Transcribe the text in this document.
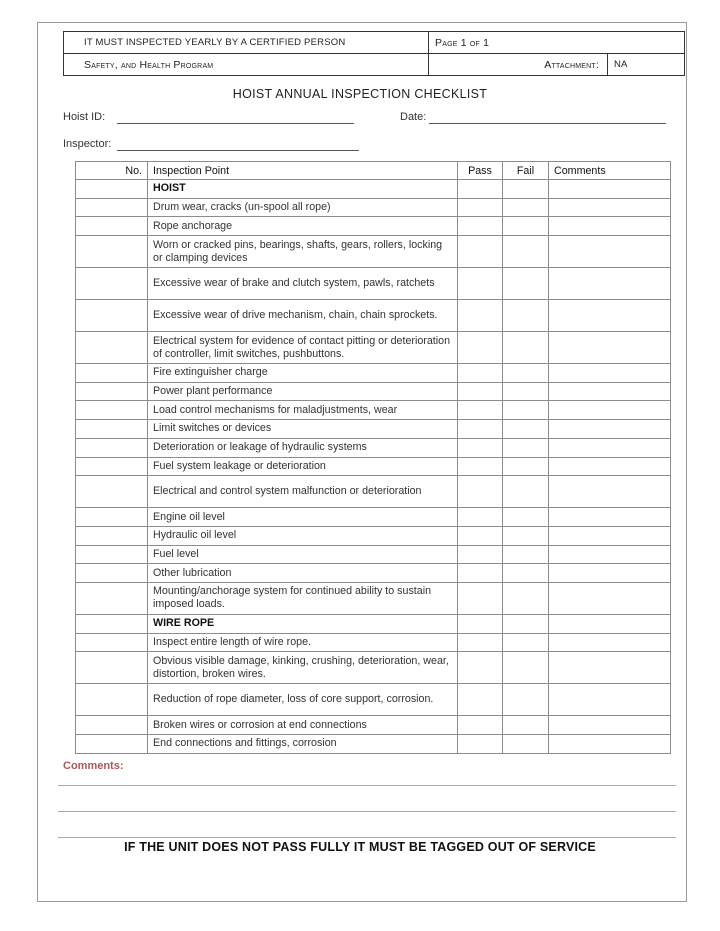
IT MUST INSPECTED YEARLY BY A CERTIFIED PERSON	Page 1 of 1	
Safety, and Health Program	Attachment:	NA
HOIST ANNUAL INSPECTION CHECKLIST
Hoist ID:	Date:
Inspector:
No.	Inspection Point	Pass	Fail	Comments
	HOIST			
	Drum wear, cracks (un-spool all rope)			
	Rope anchorage			
	Worn or cracked pins, bearings, shafts, gears, rollers, locking or clamping devices			
	Excessive wear of brake and clutch system, pawls, ratchets			
	Excessive wear of drive mechanism, chain, chain sprockets.			
	Electrical system for evidence of contact pitting or deterioration of controller, limit switches, pushbuttons.			
	Fire extinguisher charge			
	Power plant performance			
	Load control mechanisms for maladjustments, wear			
	Limit switches or devices			
	Deterioration or leakage of hydraulic systems			
	Fuel system leakage or deterioration			
	Electrical and control system malfunction or deterioration			
	Engine oil level			
	Hydraulic oil level			
	Fuel level			
	Other lubrication			
	Mounting/anchorage system for continued ability to sustain imposed loads.			
	WIRE ROPE			
	Inspect entire length of wire rope.			
	Obvious visible damage, kinking, crushing, deterioration, wear, distortion, broken wires.			
	Reduction of rope diameter, loss of core support, corrosion.			
	Broken wires or corrosion at end connections			
	End connections and fittings, corrosion			
Comments:
IF THE UNIT DOES NOT PASS FULLY IT MUST BE TAGGED OUT OF SERVICE
